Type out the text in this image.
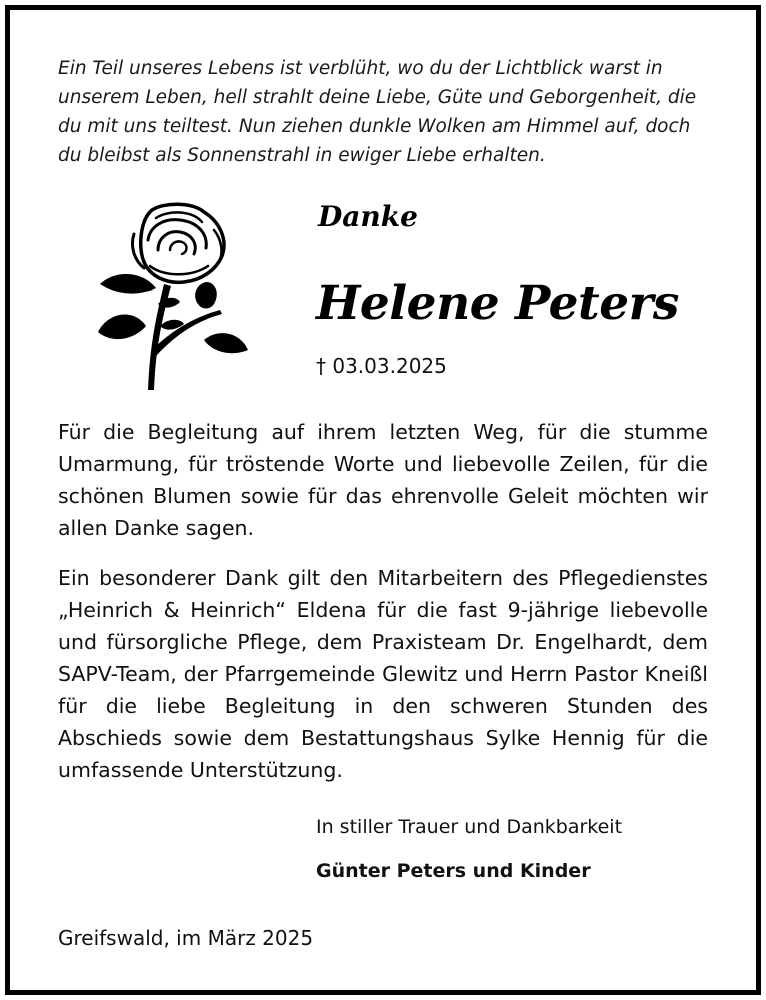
Ein Teil unseres Lebens ist verblüht, wo du der Lichtblick warst in
unserem Leben, hell strahlt deine Liebe, Güte und Geborgenheit, die
du mit uns teiltest. Nun ziehen dunkle Wolken am Himmel auf, doch
du bleibst als Sonnenstrahl in ewiger Liebe erhalten.
Danke
Helene Peters
† 03.03.2025

Für die Begleitung auf ihrem letzten Weg, für die stumme Umarmung, für tröstende Worte und liebevolle Zeilen, für die schönen Blumen sowie für das ehrenvolle Geleit möchten wir allen Danke sagen.

Ein besonderer Dank gilt den Mitarbeitern des Pflegedienstes „Heinrich & Heinrich“ Eldena für die fast 9-jährige liebevolle und fürsorgliche Pflege, dem Praxisteam Dr. Engelhardt, dem SAPV-Team, der Pfarrgemeinde Glewitz und Herrn Pastor Kneißl für die liebe Begleitung in den schweren Stunden des Abschieds sowie dem Bestattungshaus Sylke Hennig für die umfassende Unterstützung.

In stiller Trauer und Dankbarkeit
Günter Peters und Kinder
Greifswald, im März 2025
